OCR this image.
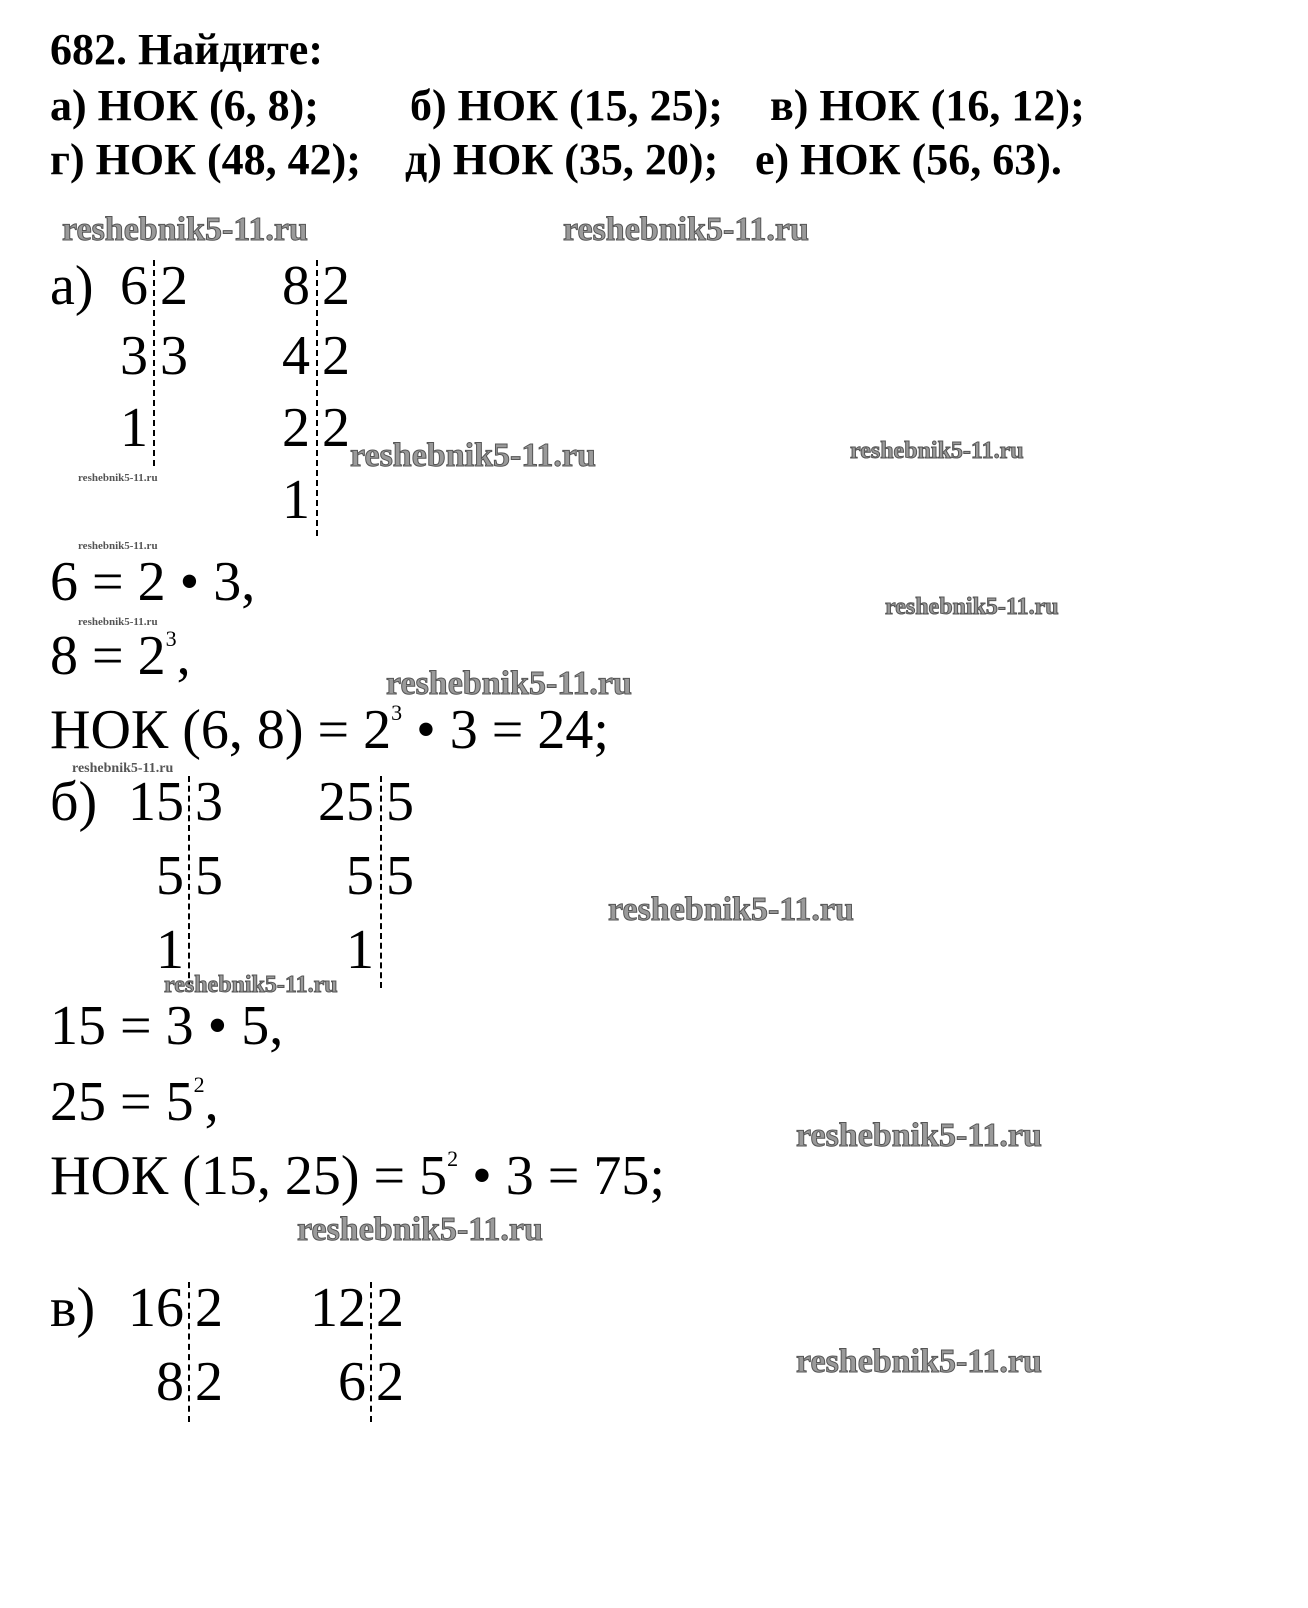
682. Найдите:
а) НОК (6, 8); б) НОК (15, 25); в) НОК (16, 12);
г) НОК (48, 42); д) НОК (35, 20); е) НОК (56, 63).
а) 6
3
1
2
3
8
4
2
1
2
2
2
6 = 2 • 3,
$8 = 2^3$,
НОК (6, $8) = 2^3$ • 3 = 24;
б) 15
5
1
3
5
25
5
1
5
5
15 = 3 • 5,
$25 = 5^2$,
НОК (15, $25) = 5^2$ • 3 = 75;
в) 16
8
2
2
12
6
2
2
reshebnik5-11.ru	reshebnik5-11.ru
reshebnik5-11.ru	reshebnik5-11.ru
reshebnik5-11.ru
reshebnik5-11.ru
reshebnik5-11.ru
reshebnik5-11.ru
reshebnik5-11.ru
reshebnik5-11.ru
reshebnik5-11.ru
reshebnik5-11.ru
reshebnik5-11.ru
reshebnik5-11.ru
reshebnik5-11.ru
